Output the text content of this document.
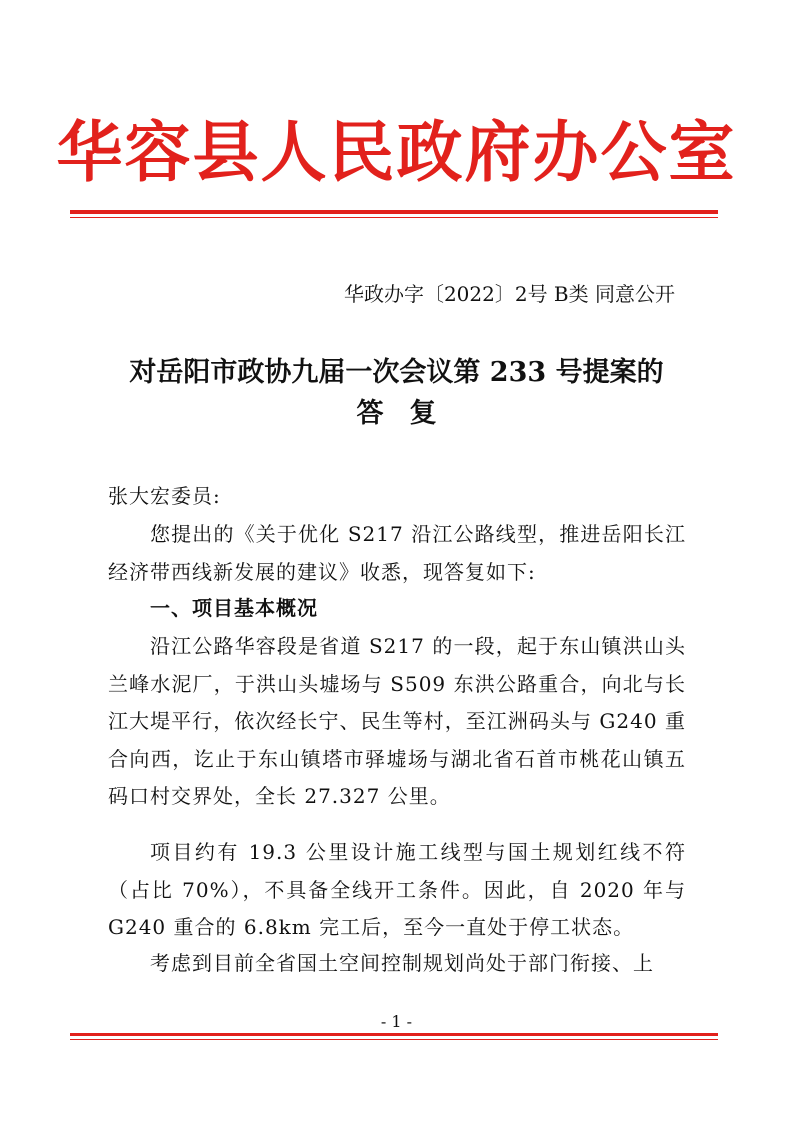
华容县人民政府办公室
华政办字〔2022〕2号 B类 同意公开
对岳阳市政协九届一次会议第 233 号提案的
答复
张大宏委员:
您提出的《关于优化 S217 沿江公路线型，推进岳阳长江经济带西线新发展的建议》收悉，现答复如下:
一、项目基本概况
沿江公路华容段是省道 S217 的一段，起于东山镇洪山头兰峰水泥厂，于洪山头墟场与 S509 东洪公路重合，向北与长江大堤平行，依次经长宁、民生等村，至江洲码头与 G240 重合向西，讫止于东山镇塔市驿墟场与湖北省石首市桃花山镇五码口村交界处，全长 27.327 公里。
项目约有 19.3 公里设计施工线型与国土规划红线不符（占比 70%），不具备全线开工条件。因此，自 2020 年与 G240 重合的 6.8km 完工后，至今一直处于停工状态。
考虑到目前全省国土空间控制规划尚处于部门衔接、上
- 1 -
